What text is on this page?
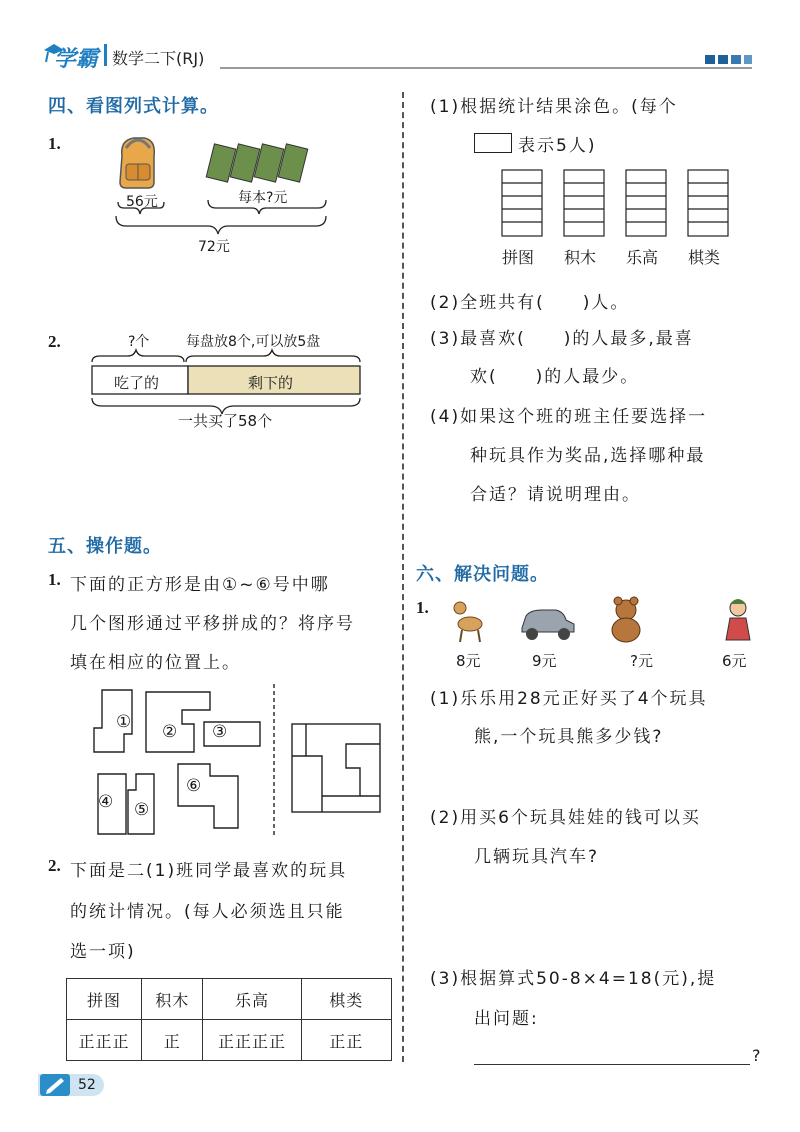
学霸 数学二下(RJ)
四、看图列式计算。
1.
56元	每本?元
72元
2.	?个	每盘放8个,可以放5盘
吃了的	剩下的
一共买了58个
五、操作题。
1. 下面的正方形是由①~⑥号中哪
几个图形通过平移拼成的？将序号
填在相应的位置上。
① ② ③
④ ⑤
⑥
2. 下面是二(1)班同学最喜欢的玩具
的统计情况。(每人必须选且只能
选一项)
拼图	积木	乐高	棋类
正正正	正	正正正正	正正
(1)根据统计结果涂色。(每个
表示5人)
拼图 积木 乐高 棋类
(2)全班共有(　　)人。
(3)最喜欢(　　)的人最多,最喜
欢(　　)的人最少。
(4)如果这个班的班主任要选择一
种玩具作为奖品,选择哪种最
合适？请说明理由。
六、解决问题。
1.
8元	9元	?元	6元
(1)乐乐用28元正好买了4个玩具
熊,一个玩具熊多少钱?
(2)用买6个玩具娃娃的钱可以买
几辆玩具汽车?
(3)根据算式50-8×4=18(元),提
出问题:
?
52
